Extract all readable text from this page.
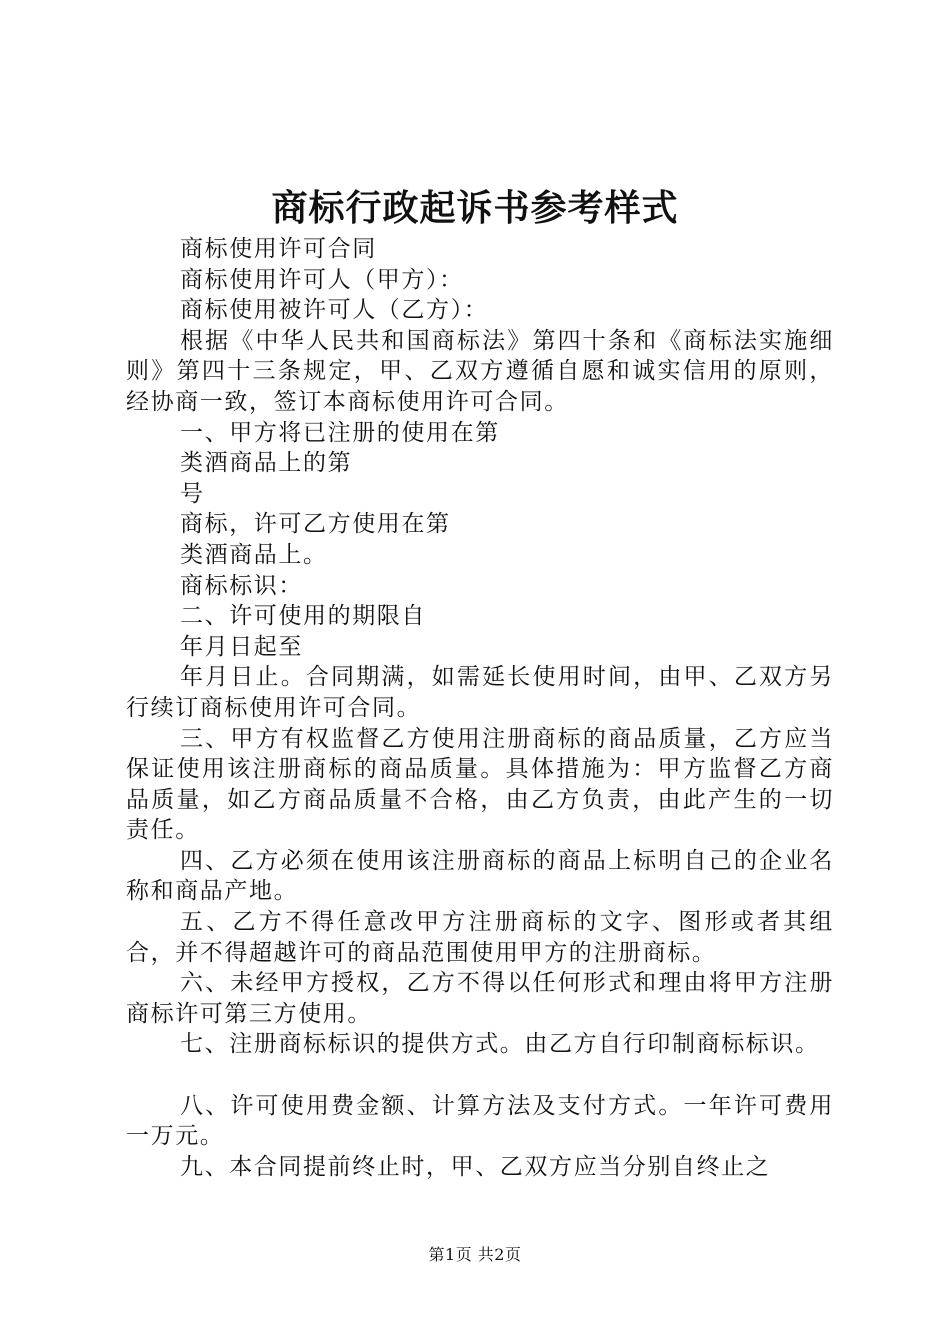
商标行政起诉书参考样式

商标使用许可合同

商标使用许可人（甲方）：

商标使用被许可人（乙方）：

根据《中华人民共和国商标法》第四十条和《商标法实施细则》第四十三条规定，甲、乙双方遵循自愿和诚实信用的原则，经协商一致，签订本商标使用许可合同。

一、甲方将已注册的使用在第

类酒商品上的第

号

商标，许可乙方使用在第

类酒商品上。

商标标识：

二、许可使用的期限自

年月日起至

年月日止。合同期满，如需延长使用时间，由甲、乙双方另行续订商标使用许可合同。

三、甲方有权监督乙方使用注册商标的商品质量，乙方应当保证使用该注册商标的商品质量。具体措施为：甲方监督乙方商品质量，如乙方商品质量不合格，由乙方负责，由此产生的一切责任。

四、乙方必须在使用该注册商标的商品上标明自己的企业名称和商品产地。

五、乙方不得任意改甲方注册商标的文字、图形或者其组合，并不得超越许可的商品范围使用甲方的注册商标。

六、未经甲方授权，乙方不得以任何形式和理由将甲方注册商标许可第三方使用。

七、注册商标标识的提供方式。由乙方自行印制商标标识。

八、许可使用费金额、计算方法及支付方式。一年许可费用一万元。

九、本合同提前终止时，甲、乙双方应当分别自终止之

第1页 共2页
